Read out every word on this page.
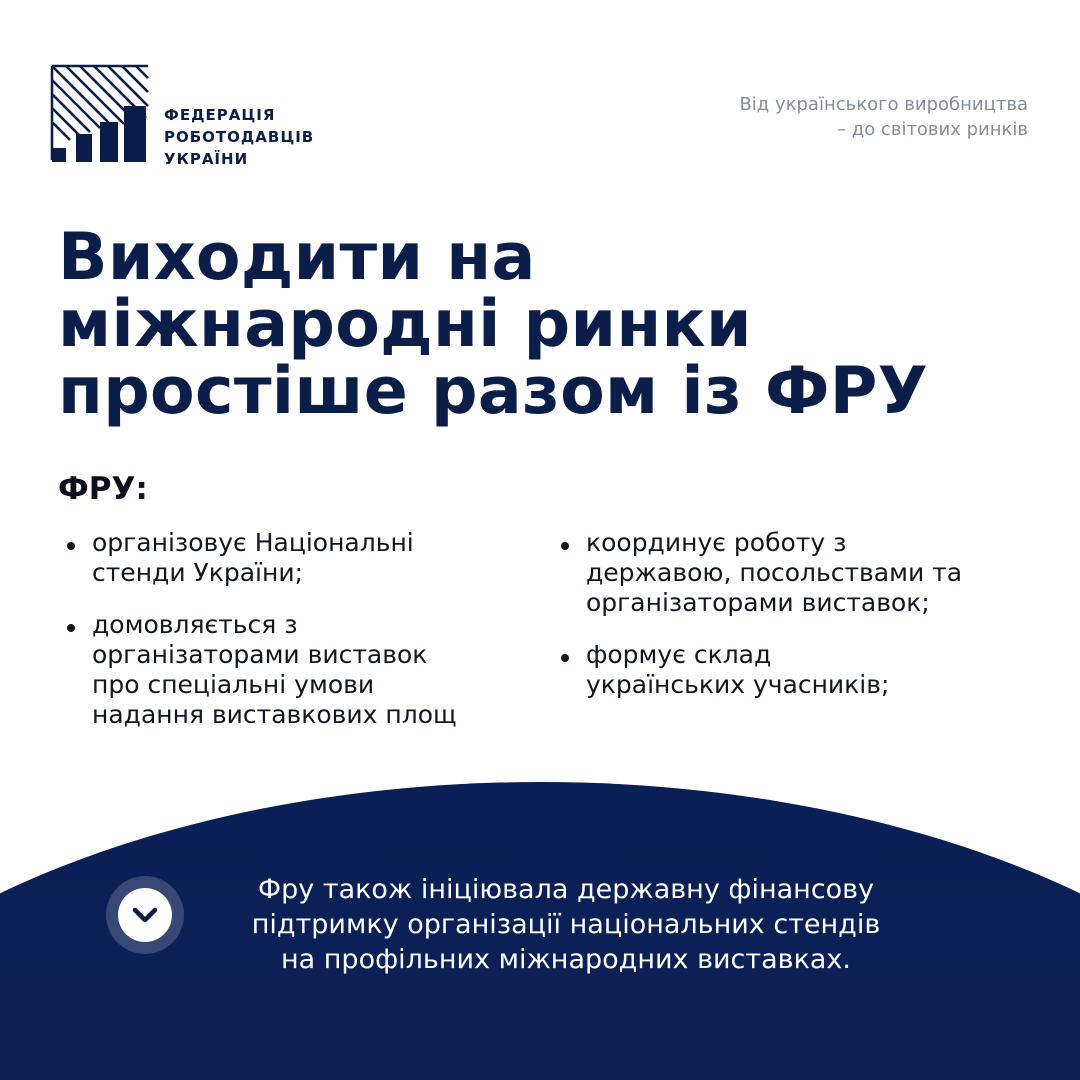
ФЕДЕРАЦІЯ
РОБОТОДАВЦІВ
УКРАЇНИ
Від українського виробництва
– до світових ринків
Виходити на
міжнародні ринки
простіше разом із ФРУ
ФРУ:
організовує Національні
стенди України;
домовляється з
організаторами виставок
про спеціальні умови
надання виставкових площ
координує роботу з
державою, посольствами та
організаторами виставок;
формує склад
українських учасників;
Фру також ініціювала державну фінансову
підтримку організації національних стендів
на профільних міжнародних виставках.
